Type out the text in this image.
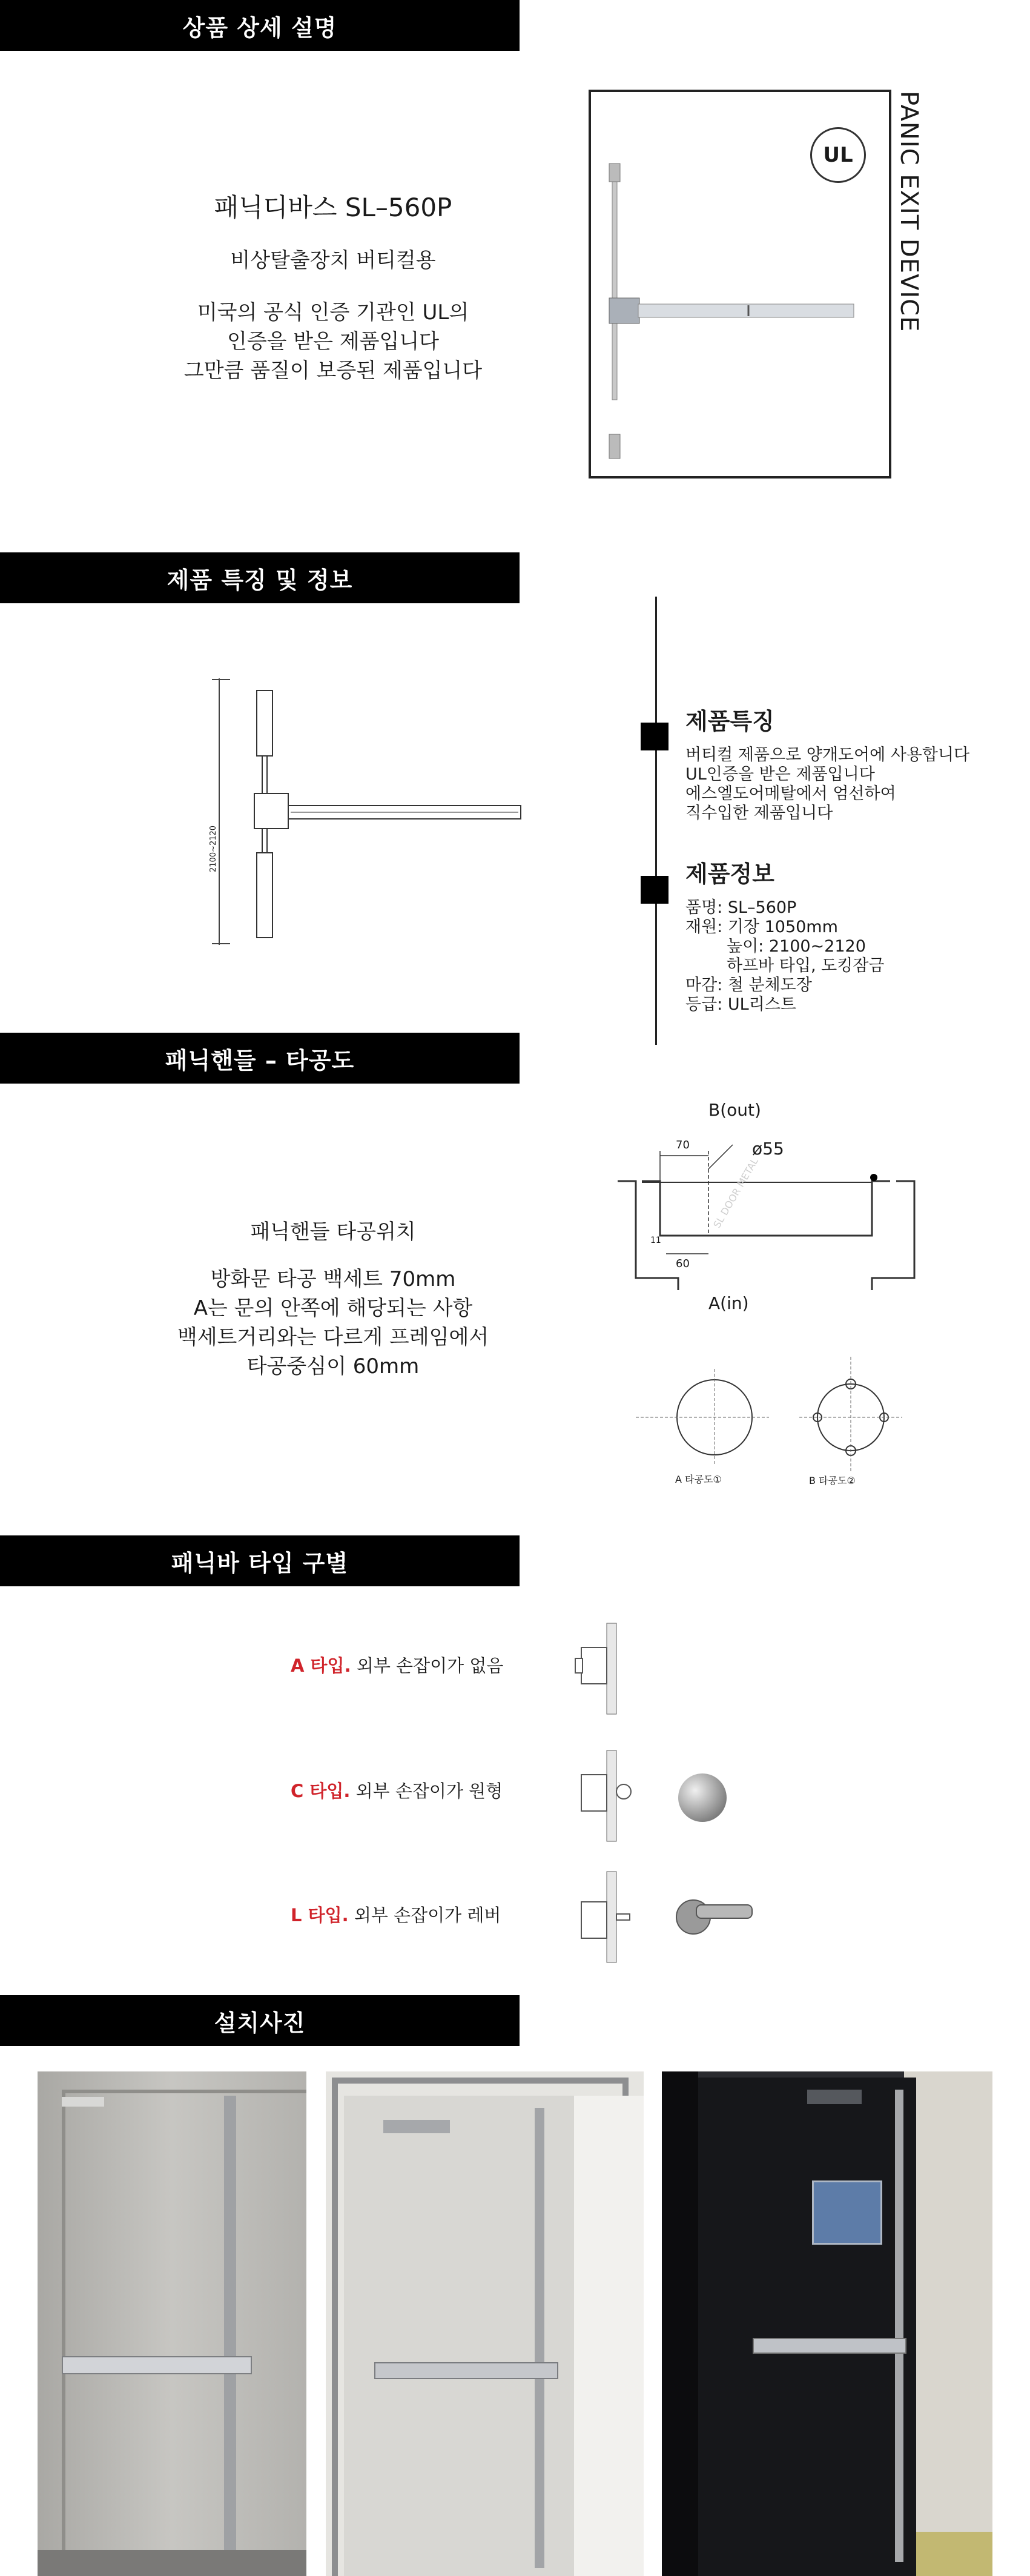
상품 상세 설명
패닉디바스 SL–560P
비상탈출장치 버티컬용
미국의 공식 인증 기관인 UL의
인증을 받은 제품입니다
그만큼 품질이 보증된 제품입니다
UL	PANIC EXIT DEVICE
제품 특징 및 정보
2100~2120
제품특징
버티컬 제품으로 양개도어에 사용합니다
UL인증을 받은 제품입니다
에스엘도어메탈에서 엄선하여
직수입한 제품입니다
제품정보
품명: SL–560P
재원: 기장 1050mm
높이: 2100~2120
하프바 타입, 도킹잠금
마감: 철 분체도장
등급: UL리스트
패닉핸들 – 타공도
패닉핸들 타공위치
방화문 타공 백세트 70mm
A는 문의 안쪽에 해당되는 사항
백세트거리와는 다르게 프레임에서
타공중심이 60mm
B(out)
70	ø55
60
11
SL DOOR METAL
A(in)
A 타공도①	B 타공도②
패닉바 타입 구별
A 타입. 외부 손잡이가 없음
C 타입. 외부 손잡이가 원형
L 타입. 외부 손잡이가 레버
설치사진
